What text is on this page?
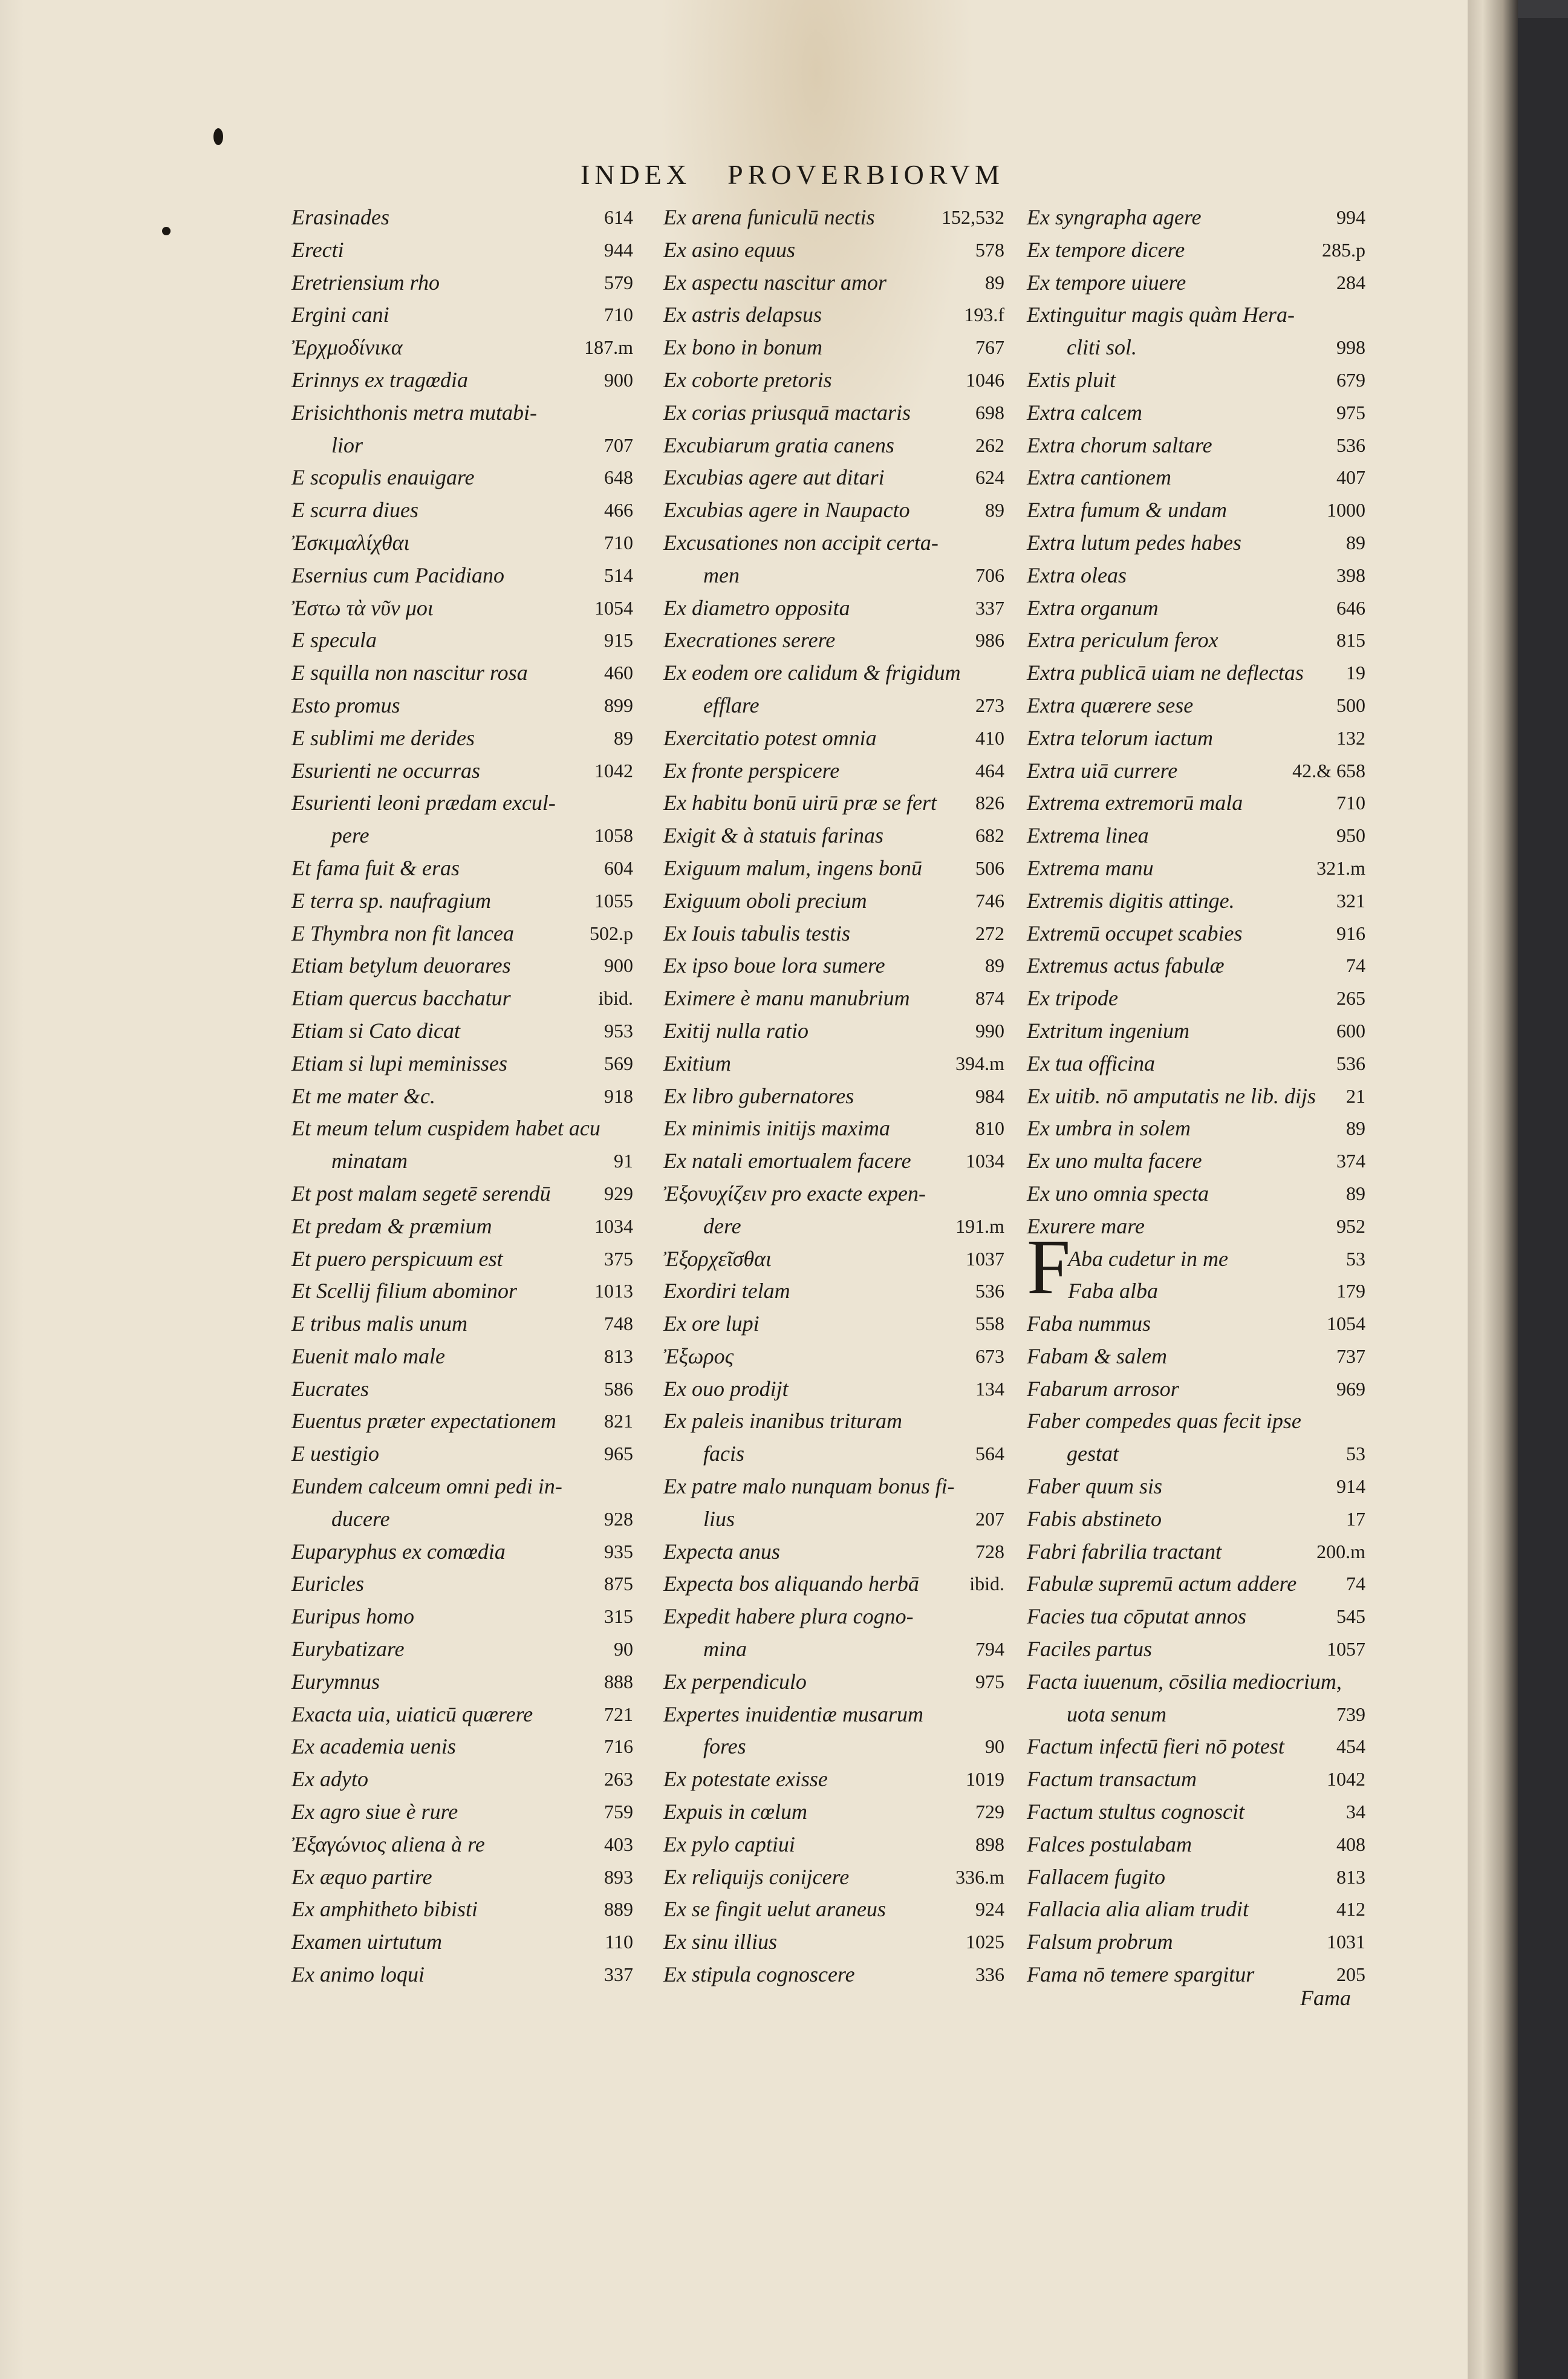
INDEX PROVERBIORVM
Erasinades	614
Erecti	944
Eretriensium rho	579
Ergini cani	710
Ἐρχμοδίνικα	187.m
Erinnys ex tragœdia	900
Erisichthonis metra mutabi-
lior	707
E scopulis enauigare	648
E scurra diues	466
Ἐσκιμαλίχθαι	710
Esernius cum Pacidiano	514
Ἐστω τὰ νῦν μοι	1054
E specula	915
E squilla non nascitur rosa	460
Esto promus	899
E sublimi me derides	89
Esurienti ne occurras	1042
Esurienti leoni prædam excul-
pere	1058
Et fama fuit & eras	604
E terra sp. naufragium	1055
E Thymbra non fit lancea	502.p
Etiam betylum deuorares	900
Etiam quercus bacchatur	ibid.
Etiam si Cato dicat	953
Etiam si lupi meminisses	569
Et me mater &c.	918
Et meum telum cuspidem habet acu
minatam	91
Et post malam segetē serendū	929
Et predam & præmium	1034
Et puero perspicuum est	375
Et Scellij filium abominor	1013
E tribus malis unum	748
Euenit malo male	813
Eucrates	586
Euentus præter expectationem 821
E uestigio	965
Eundem calceum omni pedi in-
ducere	928
Euparyphus ex comœdia	935
Euricles	875
Euripus homo	315
Eurybatizare	90
Eurymnus	888
Exacta uia, uiaticū quærere	721
Ex academia uenis	716
Ex adyto	263
Ex agro siue è rure	759
Ἐξαγώνιος aliena à re	403
Ex æquo partire	893
Ex amphitheto bibisti	889
Examen uirtutum	110
Ex animo loqui	337
Ex arena funiculū nectis	152,532
Ex asino equus	578
Ex aspectu nascitur amor	89
Ex astris delapsus	193.f
Ex bono in bonum	767
Ex coborte pretoris	1046
Ex corias priusquā mactaris	698
Excubiarum gratia canens	262
Excubias agere aut ditari	624
Excubias agere in Naupacto	89
Excusationes non accipit certa-
men	706
Ex diametro opposita	337
Execrationes serere	986
Ex eodem ore calidum & frigidum
efflare	273
Exercitatio potest omnia	410
Ex fronte perspicere	464
Ex habitu bonū uirū præ se fert 826
Exigit & à statuis farinas	682
Exiguum malum, ingens bonū	506
Exiguum oboli precium	746
Ex Iouis tabulis testis	272
Ex ipso boue lora sumere	89
Eximere è manu manubrium	874
Exitij nulla ratio	990
Exitium	394.m
Ex libro gubernatores	984
Ex minimis initijs maxima	810
Ex natali emortualem facere	1034
Ἐξονυχίζειν pro exacte expen-
dere	191.m
Ἐξορχεῖσθαι	1037
Exordiri telam	536
Ex ore lupi	558
Ἐξωρος	673
Ex ouo prodijt	134
Ex paleis inanibus trituram
facis	564
Ex patre malo nunquam bonus fi-
lius	207
Expecta anus	728
Expecta bos aliquando herbā	ibid.
Expedit habere plura cogno-
mina	794
Ex perpendiculo	975
Expertes inuidentiæ musarum
fores	90
Ex potestate exisse	1019
Expuis in cœlum	729
Ex pylo captiui	898
Ex reliquijs conijcere	336.m
Ex se fingit uelut araneus	924
Ex sinu illius	1025
Ex stipula cognoscere	336
Ex syngrapha agere	994
Ex tempore dicere	285.p
Ex tempore uiuere	284
Extinguitur magis quàm Hera-
cliti sol.	998
Extis pluit	679
Extra calcem	975
Extra chorum saltare	536
Extra cantionem	407
Extra fumum & undam	1000
Extra lutum pedes habes	89
Extra oleas	398
Extra organum	646
Extra periculum ferox	815
Extra publicā uiam ne deflectas 19
Extra quærere sese	500
Extra telorum iactum	132
Extra uiā currere	42.& 658
Extrema extremorū mala	710
Extrema linea	950
Extrema manu	321.m
Extremis digitis attinge.	321
Extremū occupet scabies	916
Extremus actus fabulæ	74
Ex tripode	265
Extritum ingenium	600
Ex tua officina	536
Ex uitib. nō amputatis ne lib. dijs 21
Ex umbra in solem	89
Ex uno multa facere	374
Ex uno omnia specta	89
Exurere mare	952
Aba cudetur in me	53
Faba alba	179
Faba nummus	1054
Fabam & salem	737
Fabarum arrosor	969
Faber compedes quas fecit ipse
gestat	53
Faber quum sis	914
Fabis abstineto	17
Fabri fabrilia tractant	200.m
Fabulæ supremū actum addere	74
Facies tua cōputat annos	545
Faciles partus	1057
Facta iuuenum, cōsilia mediocrium,
uota senum	739
Factum infectū fieri nō potest	454
Factum transactum	1042
Factum stultus cognoscit	34
Falces postulabam	408
Fallacem fugito	813
Fallacia alia aliam trudit	412
Falsum probrum	1031
Fama nō temere spargitur	205
F
Fama
